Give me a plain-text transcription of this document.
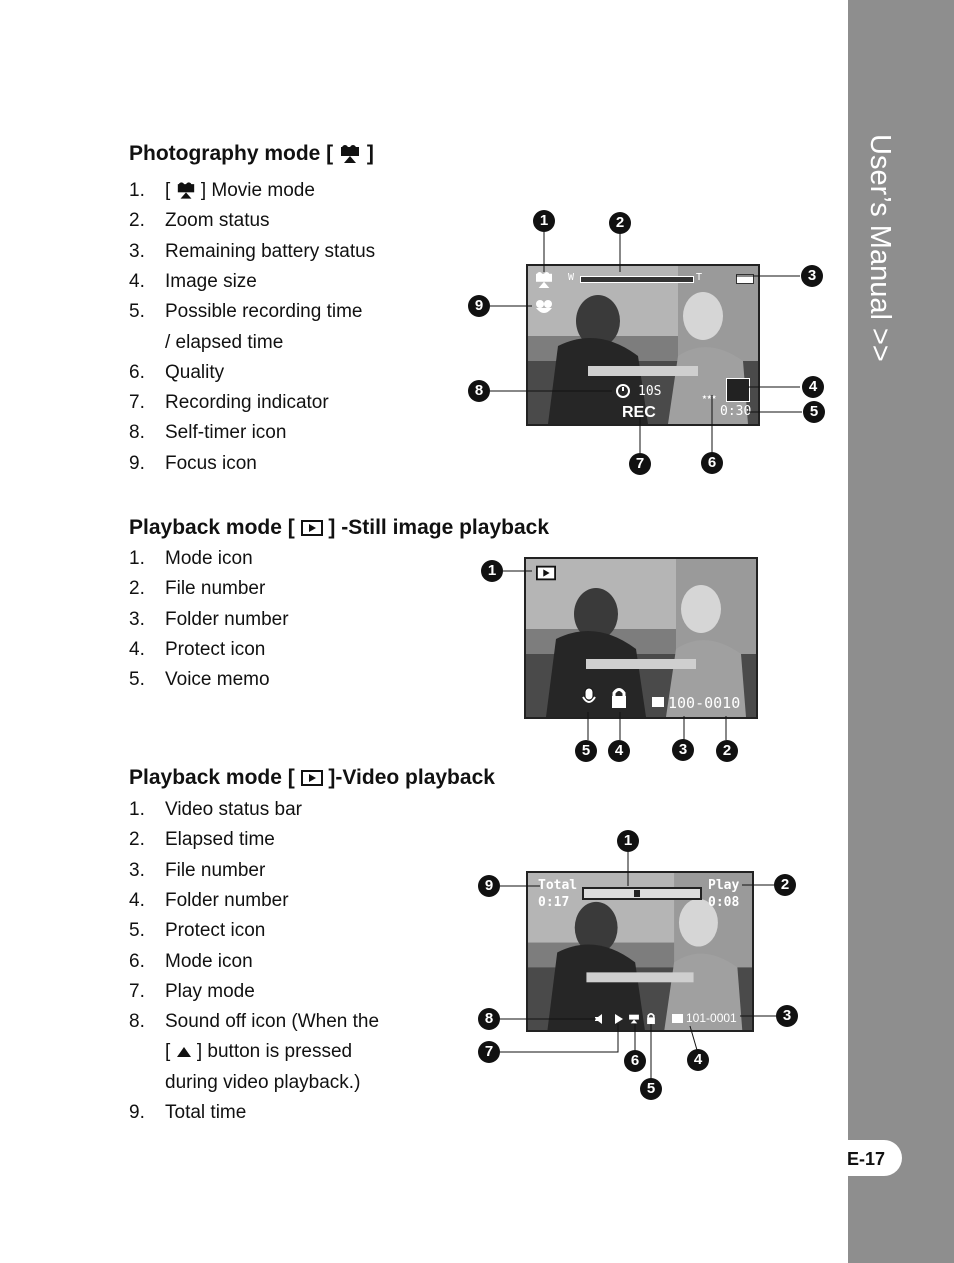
User’s Manual >>
E-17
Photography mode [ ]
1. [ ] Movie mode
2. Zoom status
3. Remaining battery status
4. Image size
5. Possible recording time
/ elapsed time
6. Quality
7. Recording indicator
8. Self-timer icon
9. Focus icon
W	T
10S
REC
★★★
0:30
Playback mode [ ] -Still image playback
1. Mode icon
2. File number
3. Folder number
4. Protect icon
5. Voice memo
100-0010
Playback mode [ ]-Video playback
1. Video status bar
2. Elapsed time
3. File number
4. Folder number
5. Protect icon
6. Mode icon
7. Play mode
8. Sound off icon (When the
[ ] button is pressed
during video playback.)
9. Total time
Total
0:17
Play
0:08
101-0001
1	2
3
9
8	4
5
7	6
1
5	4	3	2
1
9	2
8	3
7
6	4
5
